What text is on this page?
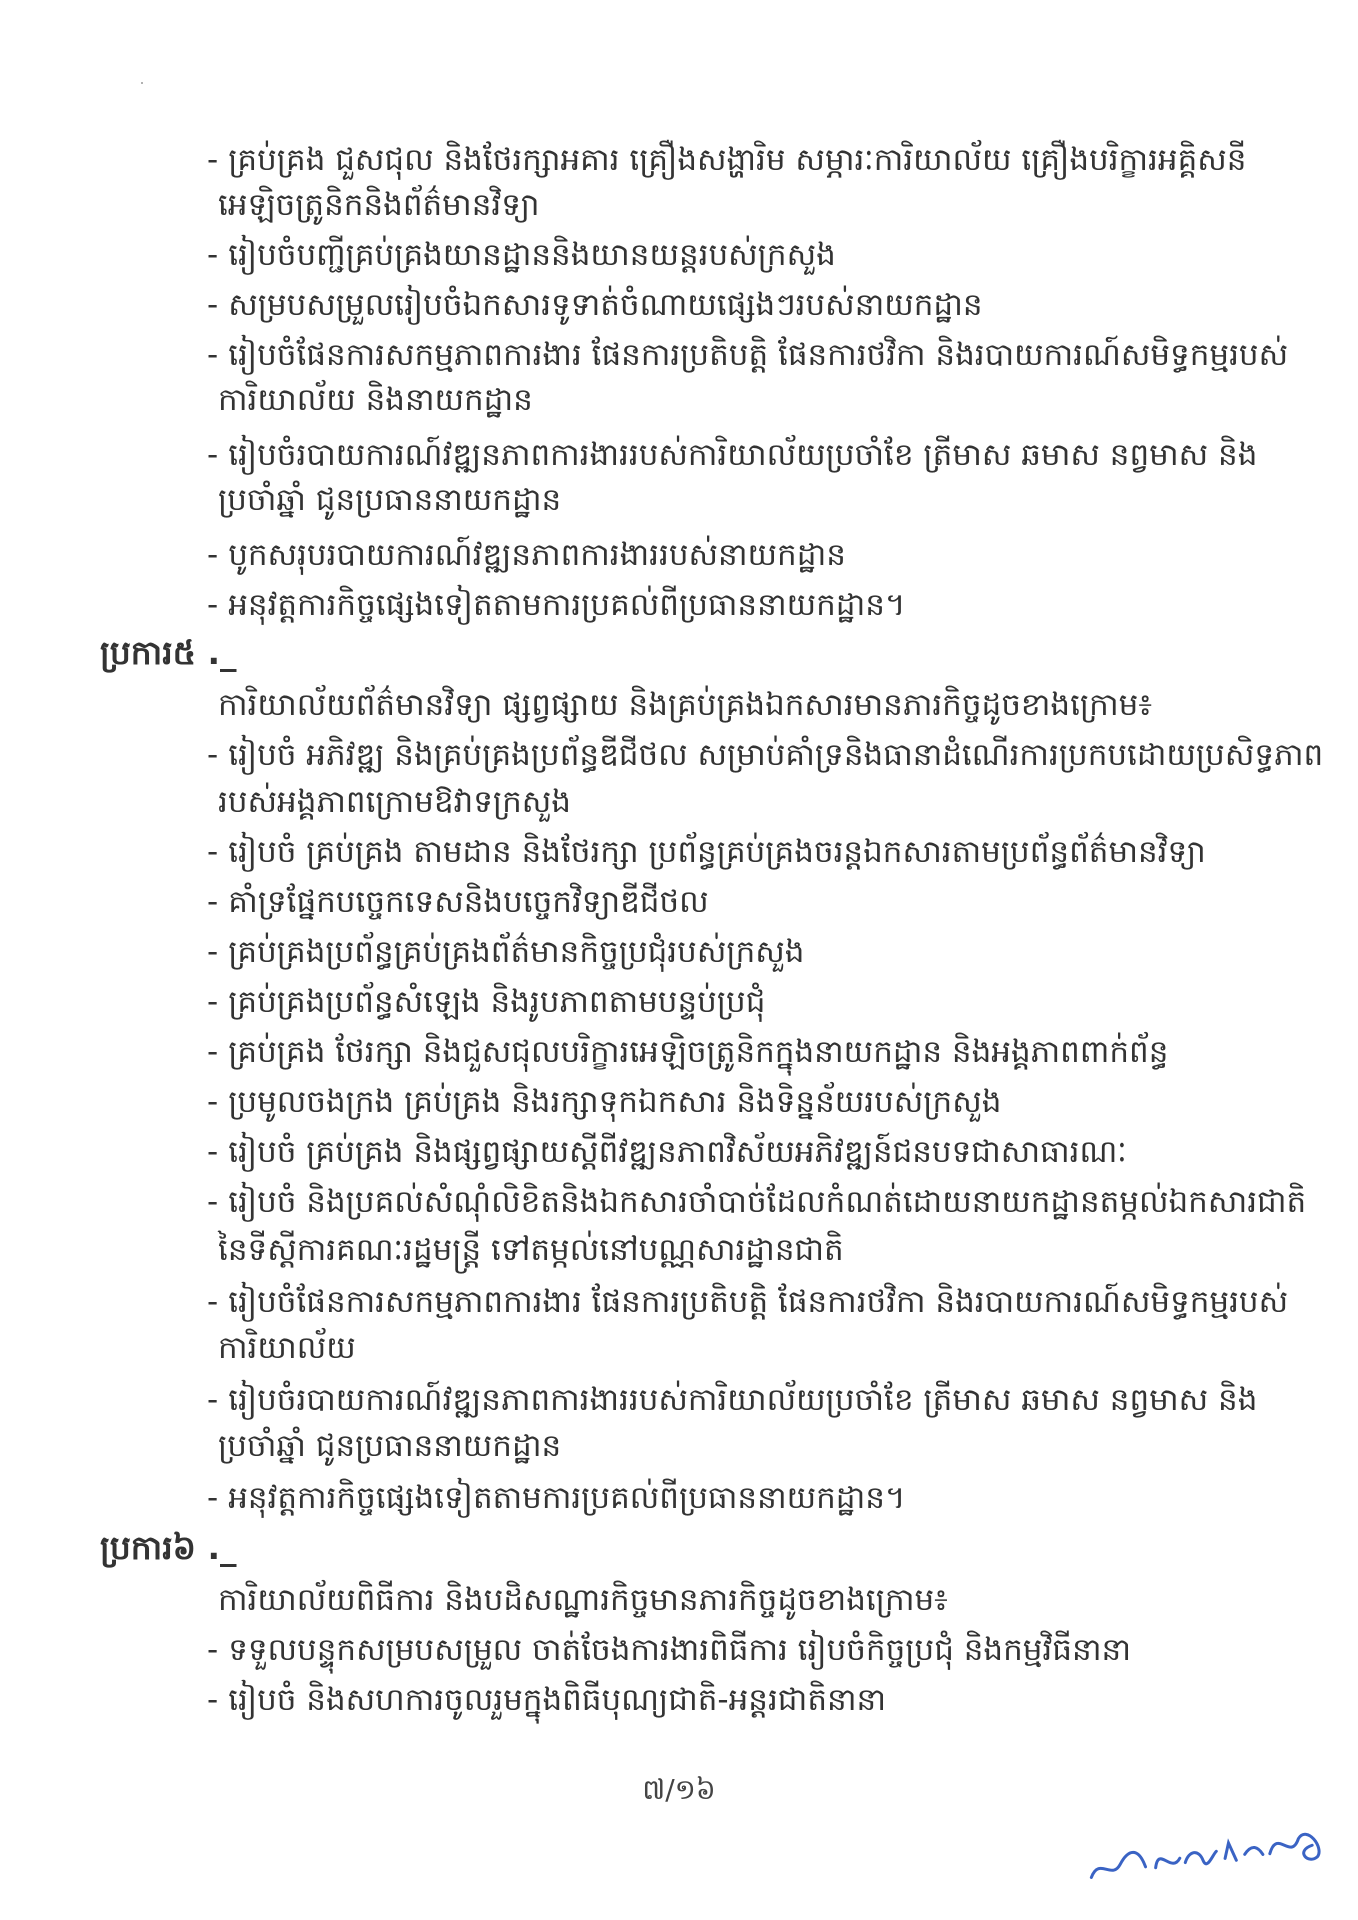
- គ្រប់គ្រង ជួសជុល និងថែរក្សាអគារ គ្រឿងសង្ហារិម សម្ភារៈការិយាល័យ គ្រឿងបរិក្ខារអគ្គិសនី
អេឡិចត្រូនិកនិងព័ត៌មានវិទ្យា
- រៀបចំបញ្ជីគ្រប់គ្រងយានដ្ឋាននិងយានយន្តរបស់ក្រសួង
- សម្របសម្រួលរៀបចំឯកសារទូទាត់ចំណាយផ្សេងៗរបស់នាយកដ្ឋាន
- រៀបចំផែនការសកម្មភាពការងារ ផែនការប្រតិបត្តិ ផែនការថវិកា និងរបាយការណ៍សមិទ្ធកម្មរបស់
ការិយាល័យ និងនាយកដ្ឋាន
- រៀបចំរបាយការណ៍វឌ្ឍនភាពការងាររបស់ការិយាល័យប្រចាំខែ ត្រីមាស ឆមាស នព្វមាស និង
ប្រចាំឆ្នាំ ជូនប្រធាននាយកដ្ឋាន
- បូកសរុបរបាយការណ៍វឌ្ឍនភាពការងាររបស់នាយកដ្ឋាន
- អនុវត្តការកិច្ចផ្សេងទៀតតាមការប្រគល់ពីប្រធាននាយកដ្ឋាន។
ប្រការ៥ ._
ការិយាល័យព័ត៌មានវិទ្យា ផ្សព្វផ្សាយ និងគ្រប់គ្រងឯកសារមានភារកិច្ចដូចខាងក្រោម៖
- រៀបចំ អភិវឌ្ឍ និងគ្រប់គ្រងប្រព័ន្ធឌីជីថល សម្រាប់គាំទ្រនិងធានាដំណើរការប្រកបដោយប្រសិទ្ធភាព
របស់អង្គភាពក្រោមឱវាទក្រសួង
- រៀបចំ គ្រប់គ្រង តាមដាន និងថែរក្សា ប្រព័ន្ធគ្រប់គ្រងចរន្តឯកសារតាមប្រព័ន្ធព័ត៌មានវិទ្យា
- គាំទ្រផ្នែកបច្ចេកទេសនិងបច្ចេកវិទ្យាឌីជីថល
- គ្រប់គ្រងប្រព័ន្ធគ្រប់គ្រងព័ត៌មានកិច្ចប្រជុំរបស់ក្រសួង
- គ្រប់គ្រងប្រព័ន្ធសំឡេង និងរូបភាពតាមបន្ទប់ប្រជុំ
- គ្រប់គ្រង ថែរក្សា និងជួសជុលបរិក្ខារអេឡិចត្រូនិកក្នុងនាយកដ្ឋាន និងអង្គភាពពាក់ព័ន្ធ
- ប្រមូលចងក្រង គ្រប់គ្រង និងរក្សាទុកឯកសារ និងទិន្នន័យរបស់ក្រសួង
- រៀបចំ គ្រប់គ្រង និងផ្សព្វផ្សាយស្តីពីវឌ្ឍនភាពវិស័យអភិវឌ្ឍន៍ជនបទជាសាធារណៈ
- រៀបចំ និងប្រគល់សំណុំលិខិតនិងឯកសារចាំបាច់ដែលកំណត់ដោយនាយកដ្ឋានតម្កល់ឯកសារជាតិ
នៃទីស្តីការគណៈរដ្ឋមន្ត្រី ទៅតម្កល់នៅបណ្ណសារដ្ឋានជាតិ
- រៀបចំផែនការសកម្មភាពការងារ ផែនការប្រតិបត្តិ ផែនការថវិកា និងរបាយការណ៍សមិទ្ធកម្មរបស់
ការិយាល័យ
- រៀបចំរបាយការណ៍វឌ្ឍនភាពការងាររបស់ការិយាល័យប្រចាំខែ ត្រីមាស ឆមាស នព្វមាស និង
ប្រចាំឆ្នាំ ជូនប្រធាននាយកដ្ឋាន
- អនុវត្តការកិច្ចផ្សេងទៀតតាមការប្រគល់ពីប្រធាននាយកដ្ឋាន។
ប្រការ៦ ._
ការិយាល័យពិធីការ និងបដិសណ្ឋារកិច្ចមានភារកិច្ចដូចខាងក្រោម៖
- ទទួលបន្ទុកសម្របសម្រួល ចាត់ចែងការងារពិធីការ រៀបចំកិច្ចប្រជុំ និងកម្មវិធីនានា
- រៀបចំ និងសហការចូលរួមក្នុងពិធីបុណ្យជាតិ-អន្តរជាតិនានា
៧/១៦
